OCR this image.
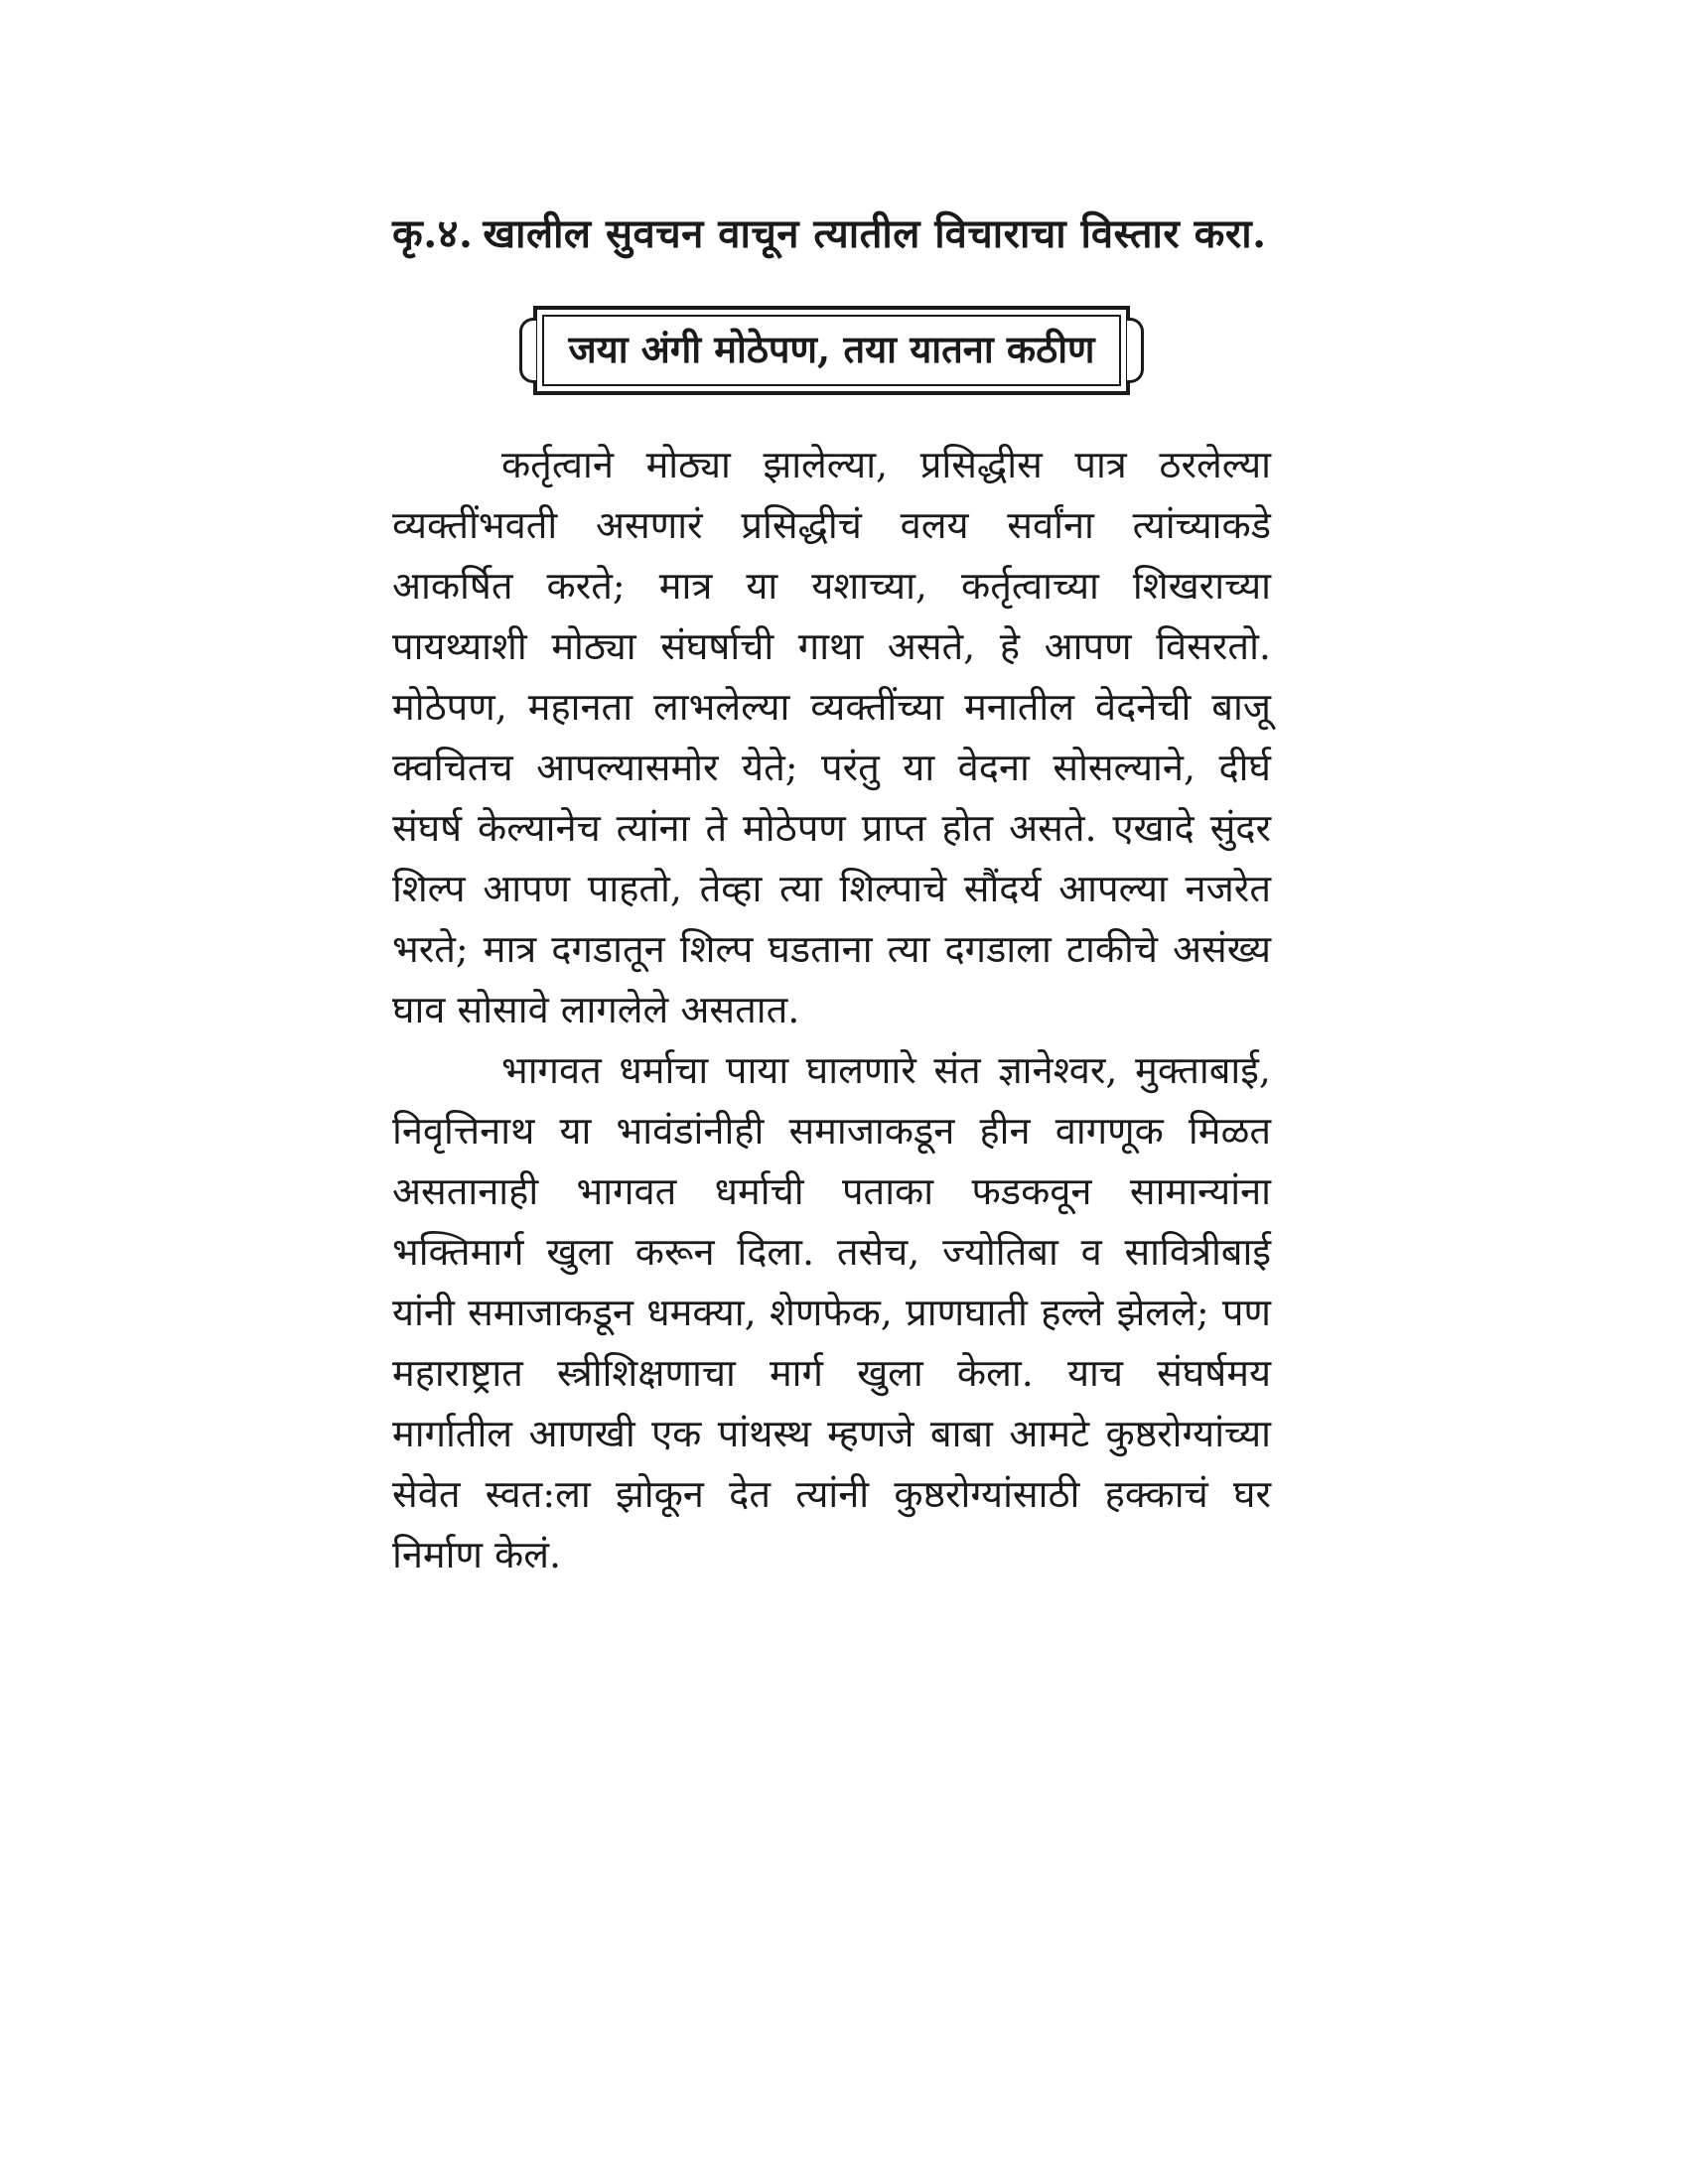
कृ.४. खालील सुवचन वाचून त्यातील विचाराचा विस्तार करा.

जया अंगी मोठेपण, तया यातना कठीण

कर्तृत्वाने मोठ्या झालेल्या, प्रसिद्धीस पात्र ठरलेल्या व्यक्तींभवती असणारं प्रसिद्धीचं वलय सर्वांना त्यांच्याकडे आकर्षित करते; मात्र या यशाच्या, कर्तृत्वाच्या शिखराच्या पायथ्याशी मोठ्या संघर्षाची गाथा असते, हे आपण विसरतो. मोठेपण, महानता लाभलेल्या व्यक्तींच्या मनातील वेदनेची बाजू क्वचितच आपल्यासमोर येते; परंतु या वेदना सोसल्याने, दीर्घ संघर्ष केल्यानेच त्यांना ते मोठेपण प्राप्त होत असते. एखादे सुंदर शिल्प आपण पाहतो, तेव्हा त्या शिल्पाचे सौंदर्य आपल्या नजरेत भरते; मात्र दगडातून शिल्प घडताना त्या दगडाला टाकीचे असंख्य घाव सोसावे लागलेले असतात.

भागवत धर्माचा पाया घालणारे संत ज्ञानेश्वर, मुक्ताबाई, निवृत्तिनाथ या भावंडांनीही समाजाकडून हीन वागणूक मिळत असतानाही भागवत धर्माची पताका फडकवून सामान्यांना भक्तिमार्ग खुला करून दिला. तसेच, ज्योतिबा व सावित्रीबाई यांनी समाजाकडून धमक्या, शेणफेक, प्राणघाती हल्ले झेलले; पण महाराष्ट्रात स्त्रीशिक्षणाचा मार्ग खुला केला. याच संघर्षमय मार्गातील आणखी एक पांथस्थ म्हणजे बाबा आमटे कुष्ठरोग्यांच्या सेवेत स्वत:ला झोकून देत त्यांनी कुष्ठरोग्यांसाठी हक्काचं घर निर्माण केलं.
